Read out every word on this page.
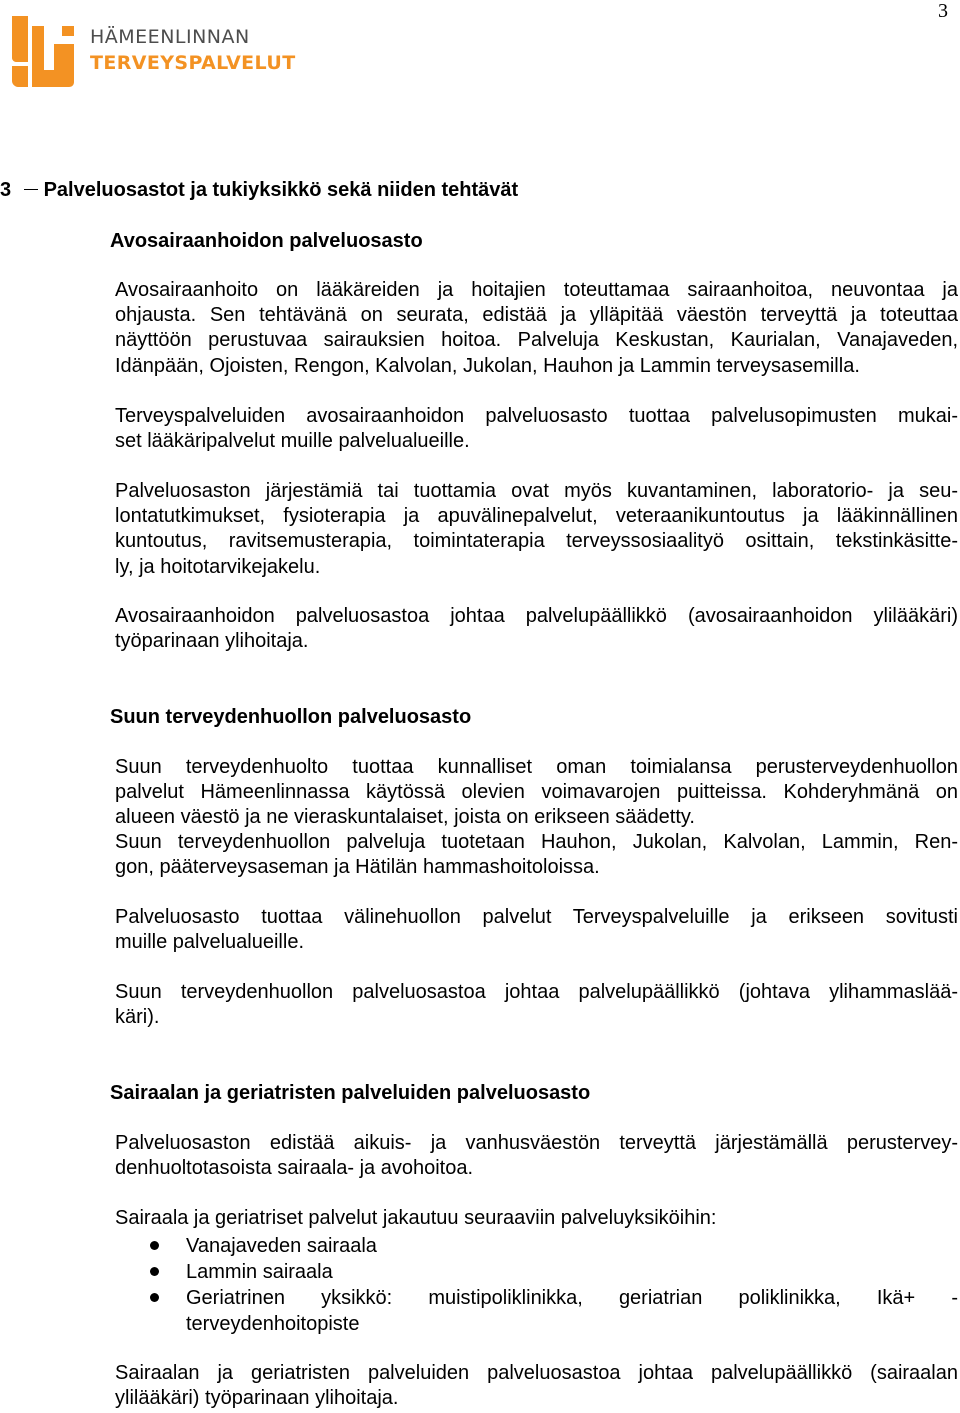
3
HÄMEENLINNAN
TERVEYSPALVELUT
3 Palveluosastot ja tukiyksikkö sekä niiden tehtävät
Avosairaanhoidon palveluosasto

Avosairaanhoito on lääkäreiden ja hoitajien toteuttamaa sairaanhoitoa, neuvontaa ja
ohjausta. Sen tehtävänä on seurata, edistää ja ylläpitää väestön terveyttä ja toteuttaa
näyttöön perustuvaa sairauksien hoitoa. Palveluja Keskustan, Kaurialan, Vanajaveden,
Idänpään, Ojoisten, Rengon, Kalvolan, Jukolan, Hauhon ja Lammin terveysasemilla.

Terveyspalveluiden avosairaanhoidon palveluosasto tuottaa palvelusopimusten mukai-
set lääkäripalvelut muille palvelualueille.

Palveluosaston järjestämiä tai tuottamia ovat myös kuvantaminen, laboratorio- ja seu-
lontatutkimukset, fysioterapia ja apuvälinepalvelut, veteraanikuntoutus ja lääkinnällinen
kuntoutus, ravitsemusterapia, toimintaterapia terveyssosiaalityö osittain, tekstinkäsitte-
ly, ja hoitotarvikejakelu.

Avosairaanhoidon palveluosastoa johtaa palvelupäällikkö (avosairaanhoidon ylilääkäri)
työparinaan ylihoitaja.

Suun terveydenhuollon palveluosasto

Suun terveydenhuolto tuottaa kunnalliset oman toimialansa perusterveydenhuollon
palvelut Hämeenlinnassa käytössä olevien voimavarojen puitteissa. Kohderyhmänä on
alueen väestö ja ne vieraskuntalaiset, joista on erikseen säädetty.

Suun terveydenhuollon palveluja tuotetaan Hauhon, Jukolan, Kalvolan, Lammin, Ren-
gon, pääterveysaseman ja Hätilän hammashoitoloissa.

Palveluosasto tuottaa välinehuollon palvelut Terveyspalveluille ja erikseen sovitusti
muille palvelualueille.

Suun terveydenhuollon palveluosastoa johtaa palvelupäällikkö (johtava ylihammaslää-
käri).

Sairaalan ja geriatristen palveluiden palveluosasto

Palveluosaston edistää aikuis- ja vanhusväestön terveyttä järjestämällä perustervey-
denhuoltotasoista sairaala- ja avohoitoa.

Sairaala ja geriatriset palvelut jakautuu seuraaviin palveluyksiköihin:

Vanajaveden sairaala
Lammin sairaala
Geriatrinen yksikkö: muistipoliklinikka, geriatrian poliklinikka, Ikä+ -
terveydenhoitopiste

Sairaalan ja geriatristen palveluiden palveluosastoa johtaa palvelupäällikkö (sairaalan
ylilääkäri) työparinaan ylihoitaja.
